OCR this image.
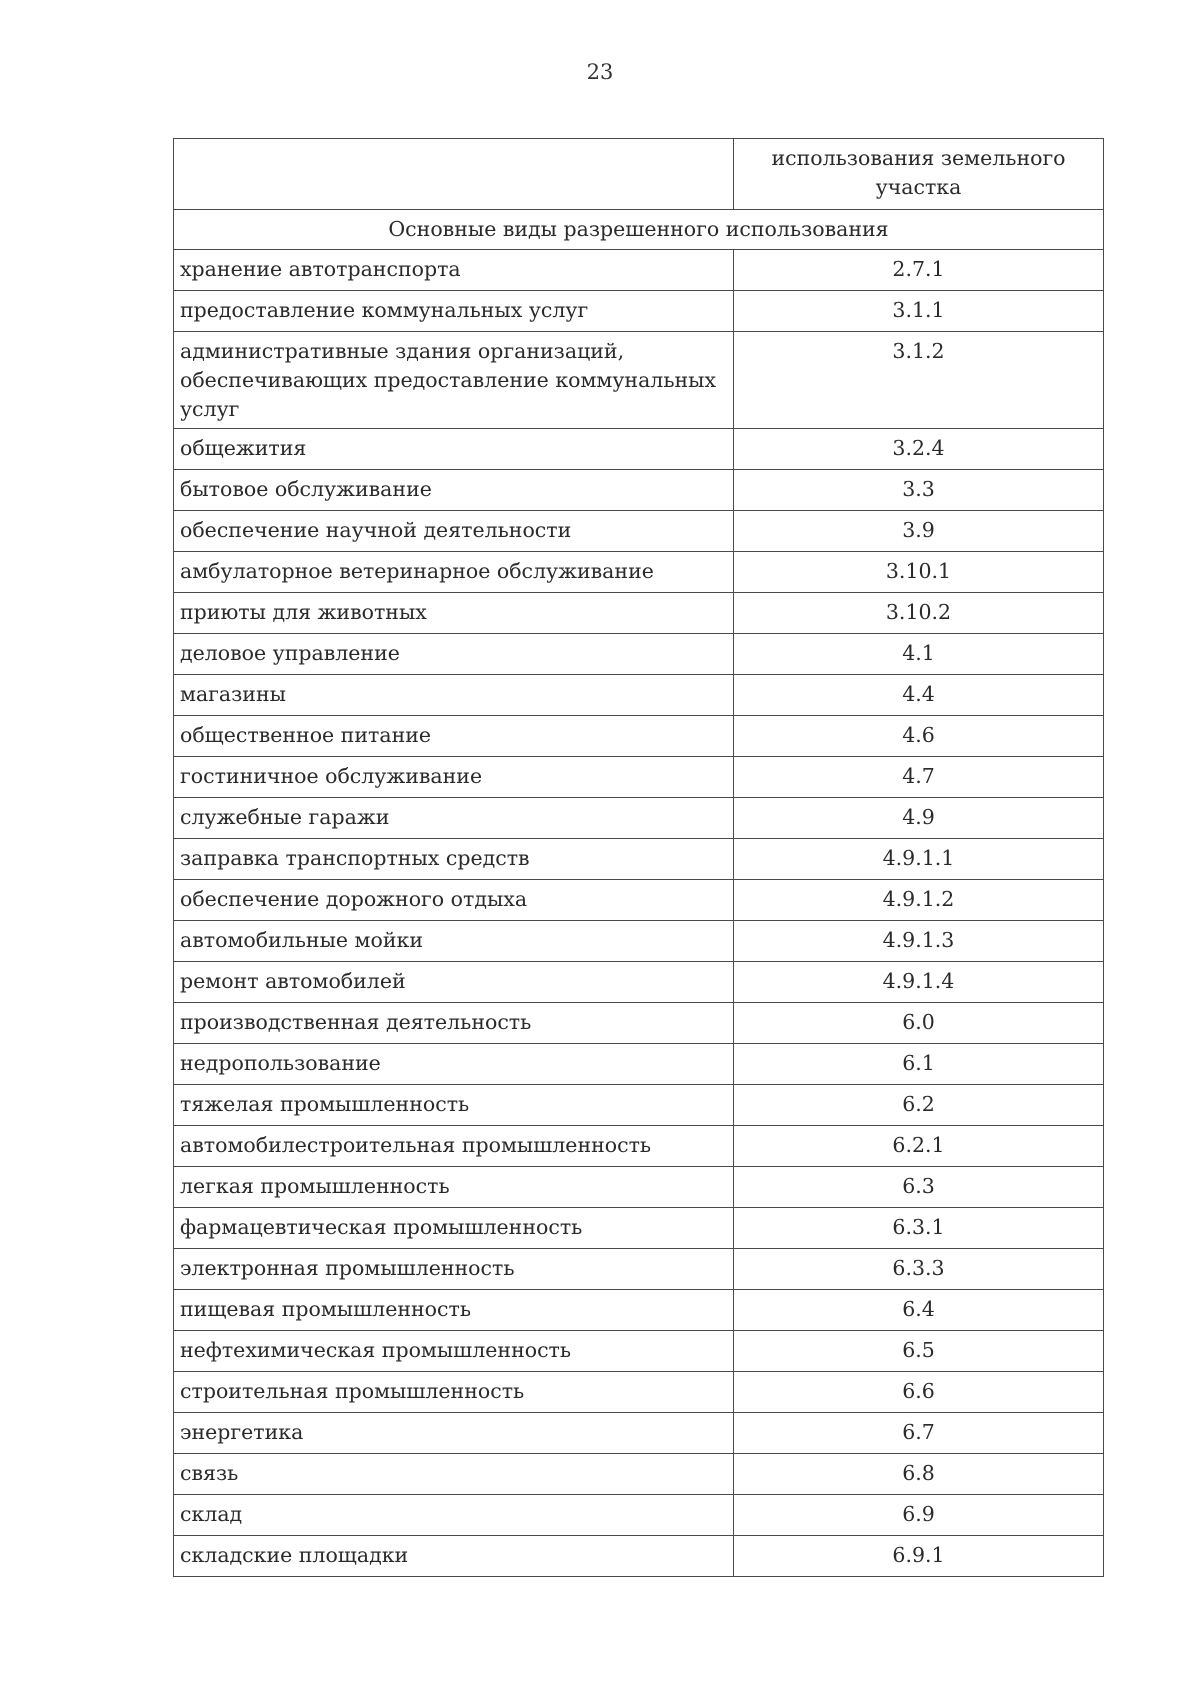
23
	использования земельного участка
Основные виды разрешенного использования	
хранение автотранспорта	2.7.1
предоставление коммунальных услуг	3.1.1
административные здания организаций, обеспечивающих предоставление коммунальных услуг	3.1.2
общежития	3.2.4
бытовое обслуживание	3.3
обеспечение научной деятельности	3.9
амбулаторное ветеринарное обслуживание	3.10.1
приюты для животных	3.10.2
деловое управление	4.1
магазины	4.4
общественное питание	4.6
гостиничное обслуживание	4.7
служебные гаражи	4.9
заправка транспортных средств	4.9.1.1
обеспечение дорожного отдыха	4.9.1.2
автомобильные мойки	4.9.1.3
ремонт автомобилей	4.9.1.4
производственная деятельность	6.0
недропользование	6.1
тяжелая промышленность	6.2
автомобилестроительная промышленность	6.2.1
легкая промышленность	6.3
фармацевтическая промышленность	6.3.1
электронная промышленность	6.3.3
пищевая промышленность	6.4
нефтехимическая промышленность	6.5
строительная промышленность	6.6
энергетика	6.7
связь	6.8
склад	6.9
складские площадки	6.9.1
